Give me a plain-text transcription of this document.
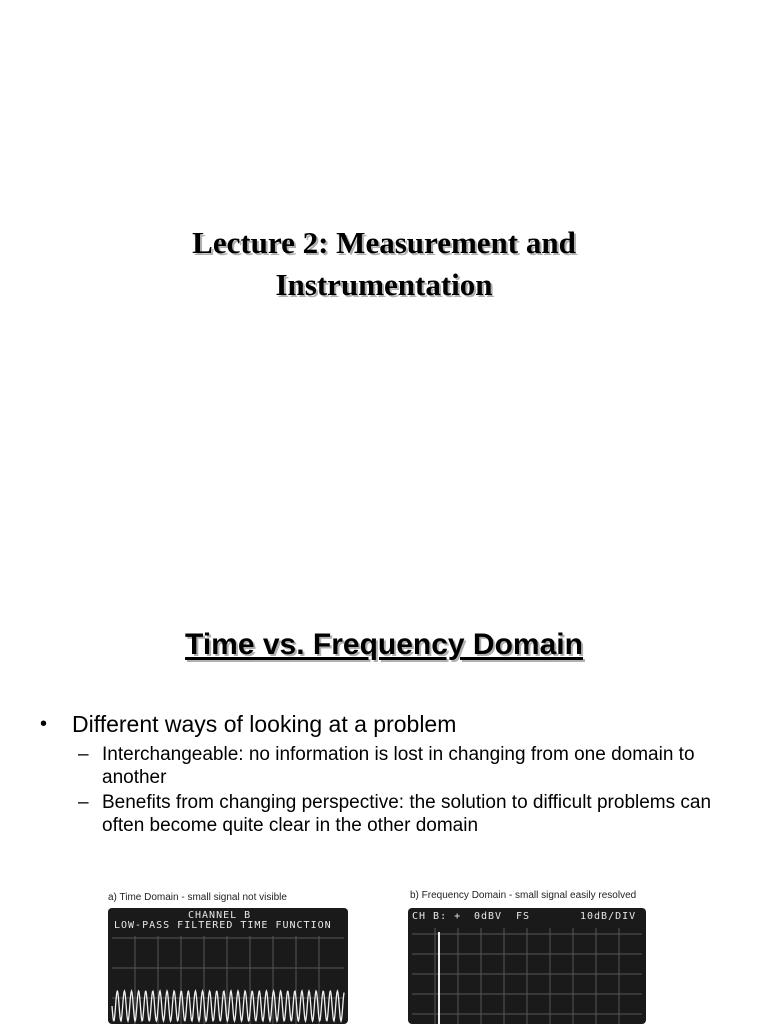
Lecture 2: Measurement and
Instrumentation
Time vs. Frequency Domain
• Different ways of looking at a problem
– Interchangeable: no information is lost in changing from one domain to another
– Benefits from changing perspective: the solution to difficult problems can often become quite clear in the other domain
a) Time Domain - small signal not visible
CHANNEL B
LOW-PASS FILTERED TIME FUNCTION
b) Frequency Domain - small signal easily resolved
CH B: + 0dBV FS	10dB/DIV
